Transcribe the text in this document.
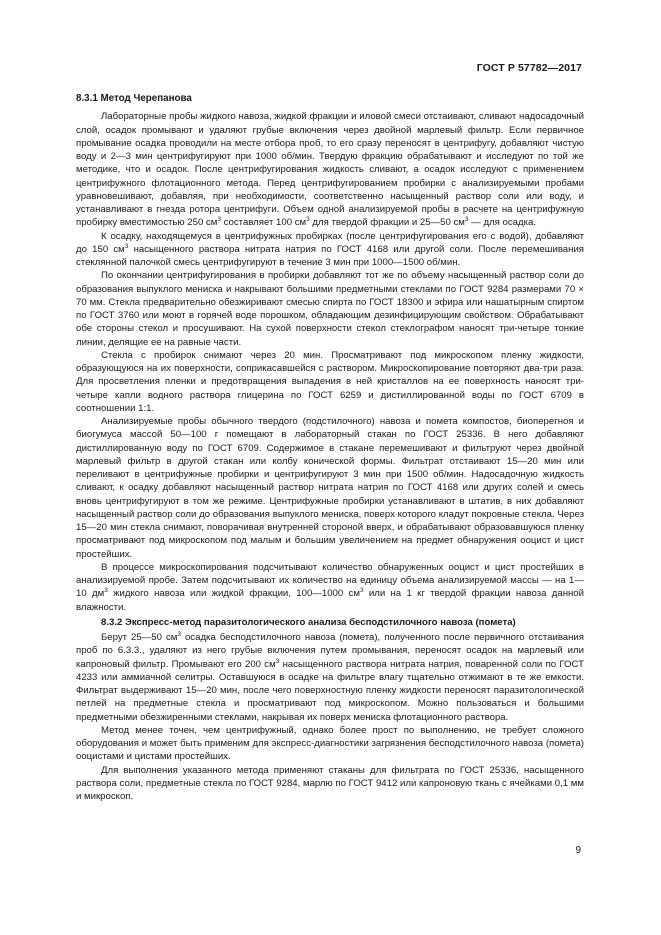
ГОСТ Р 57782—2017
8.3.1 Метод Черепанова

Лабораторные пробы жидкого навоза, жидкой фракции и иловой смеси отстаивают, сливают надосадочный слой, осадок промывают и удаляют грубые включения через двойной марлевый фильтр. Если первичное промывание осадка проводили на месте отбора проб, то его сразу переносят в центрифугу, добавляют чистую воду и 2—3 мин центрифугируют при 1000 об/мин. Твердую фракцию обрабатывают и исследуют по той же методике, что и осадок. После центрифугирования жидкость сливают, а осадок исследуют с применением центрифужного флотационного метода. Перед центрифугированием пробирки с анализируемыми пробами уравновешивают, добавляя, при необходимости, соответственно насыщенный раствор соли или воду, и устанавливают в гнезда ротора центрифуги. Объем одной анализируемой пробы в расчете на центрифужную пробирку вместимостью 250 $см^3$ составляет 100 $см^3$ для твердой фракции и 25—50 $см^3$ — для осадка.

К осадку, находящемуся в центрифужных пробирках (после центрифугирования его с водой), добавляют до 150 $см^3$ насыщенного раствора нитрата натрия по ГОСТ 4168 или другой соли. После перемешивания стеклянной палочкой смесь центрифугируют в течение 3 мин при 1000—1500 об/мин.

По окончании центрифугирования в пробирки добавляют тот же по объему насыщенный раствор соли до образования выпуклого мениска и накрывают большими предметными стеклами по ГОСТ 9284 размерами 70 × 70 мм. Стекла предварительно обезжиривают смесью спирта по ГОСТ 18300 и эфира или нашатырным спиртом по ГОСТ 3760 или моют в горячей воде порошком, обладающим дезинфицирующим свойством. Обрабатывают обе стороны стекол и просушивают. На сухой поверхности стекол стеклографом наносят три-четыре тонкие линии, делящие ее на равные части.

Стекла с пробирок снимают через 20 мин. Просматривают под микроскопом пленку жидкости, образующуюся на их поверхности, соприкасавшейся с раствором. Микроскопирование повторяют два-три раза. Для просветления пленки и предотвращения выпадения в ней кристаллов на ее поверхность наносят три-четыре капли водного раствора глицерина по ГОСТ 6259 и дистиллированной воды по ГОСТ 6709 в соотношении 1:1.

Анализируемые пробы обычного твердого (подстилочного) навоза и помета компостов, биоперегноя и биогумуса массой 50—100 г помещают в лабораторный стакан по ГОСТ 25336. В него добавляют дистиллированную воду по ГОСТ 6709. Содержимое в стакане перемешивают и фильтруют через двойной марлевый фильтр в другой стакан или колбу конической формы. Фильтрат отстаивают 15—20 мин или переливают в центрифужные пробирки и центрифугируют 3 мин при 1500 об/мин. Надосадочную жидкость сливают, к осадку добавляют насыщенный раствор нитрата натрия по ГОСТ 4168 или других солей и смесь вновь центрифугируют в том же режиме. Центрифужные пробирки устанавливают в штатив, в них добавляют насыщенный раствор соли до образования выпуклого мениска, поверх которого кладут покровные стекла. Через 15—20 мин стекла снимают, поворачивая внутренней стороной вверх, и обрабатывают образовавшуюся пленку просматривают под микроскопом под малым и большим увеличением на предмет обнаружения ооцист и цист простейших.

В процессе микроскопирования подсчитывают количество обнаруженных ооцист и цист простейших в анализируемой пробе. Затем подсчитывают их количество на единицу объема анализируемой массы — на 1—10 $дм^3$ жидкого навоза или жидкой фракции, 100—1000 $см^3$ или на 1 кг твердой фракции навоза данной влажности.

8.3.2 Экспресс-метод паразитологического анализа бесподстилочного навоза (помета)

Берут 25—50 $см^3$ осадка бесподстилочного навоза (помета), полученного после первичного отстаивания проб по 6.3.3., удаляют из него грубые включения путем промывания, переносят осадок на марлевый или капроновый фильтр. Промывают его 200 $см^3$ насыщенного раствора нитрата натрия, поваренной соли по ГОСТ 4233 или аммиачной селитры. Оставшуюся в осадке на фильтре влагу тщательно отжимают в те же емкости. Фильтрат выдерживают 15—20 мин, после чего поверхностную пленку жидкости переносят паразитологической петлей на предметные стекла и просматривают под микроскопом. Можно пользоваться и большими предметными обезжиренными стеклами, накрывая их поверх мениска флотационного раствора.

Метод менее точен, чем центрифужный, однако более прост по выполнению, не требует сложного оборудования и может быть применим для экспресс-диагностики загрязнения бесподстилочного навоза (помета) ооцистами и цистами простейших.

Для выполнения указанного метода применяют стаканы для фильтрата по ГОСТ 25336, насыщенного раствора соли, предметные стекла по ГОСТ 9284, марлю по ГОСТ 9412 или капроновую ткань с ячейками 0,1 мм и микроскоп.

9
